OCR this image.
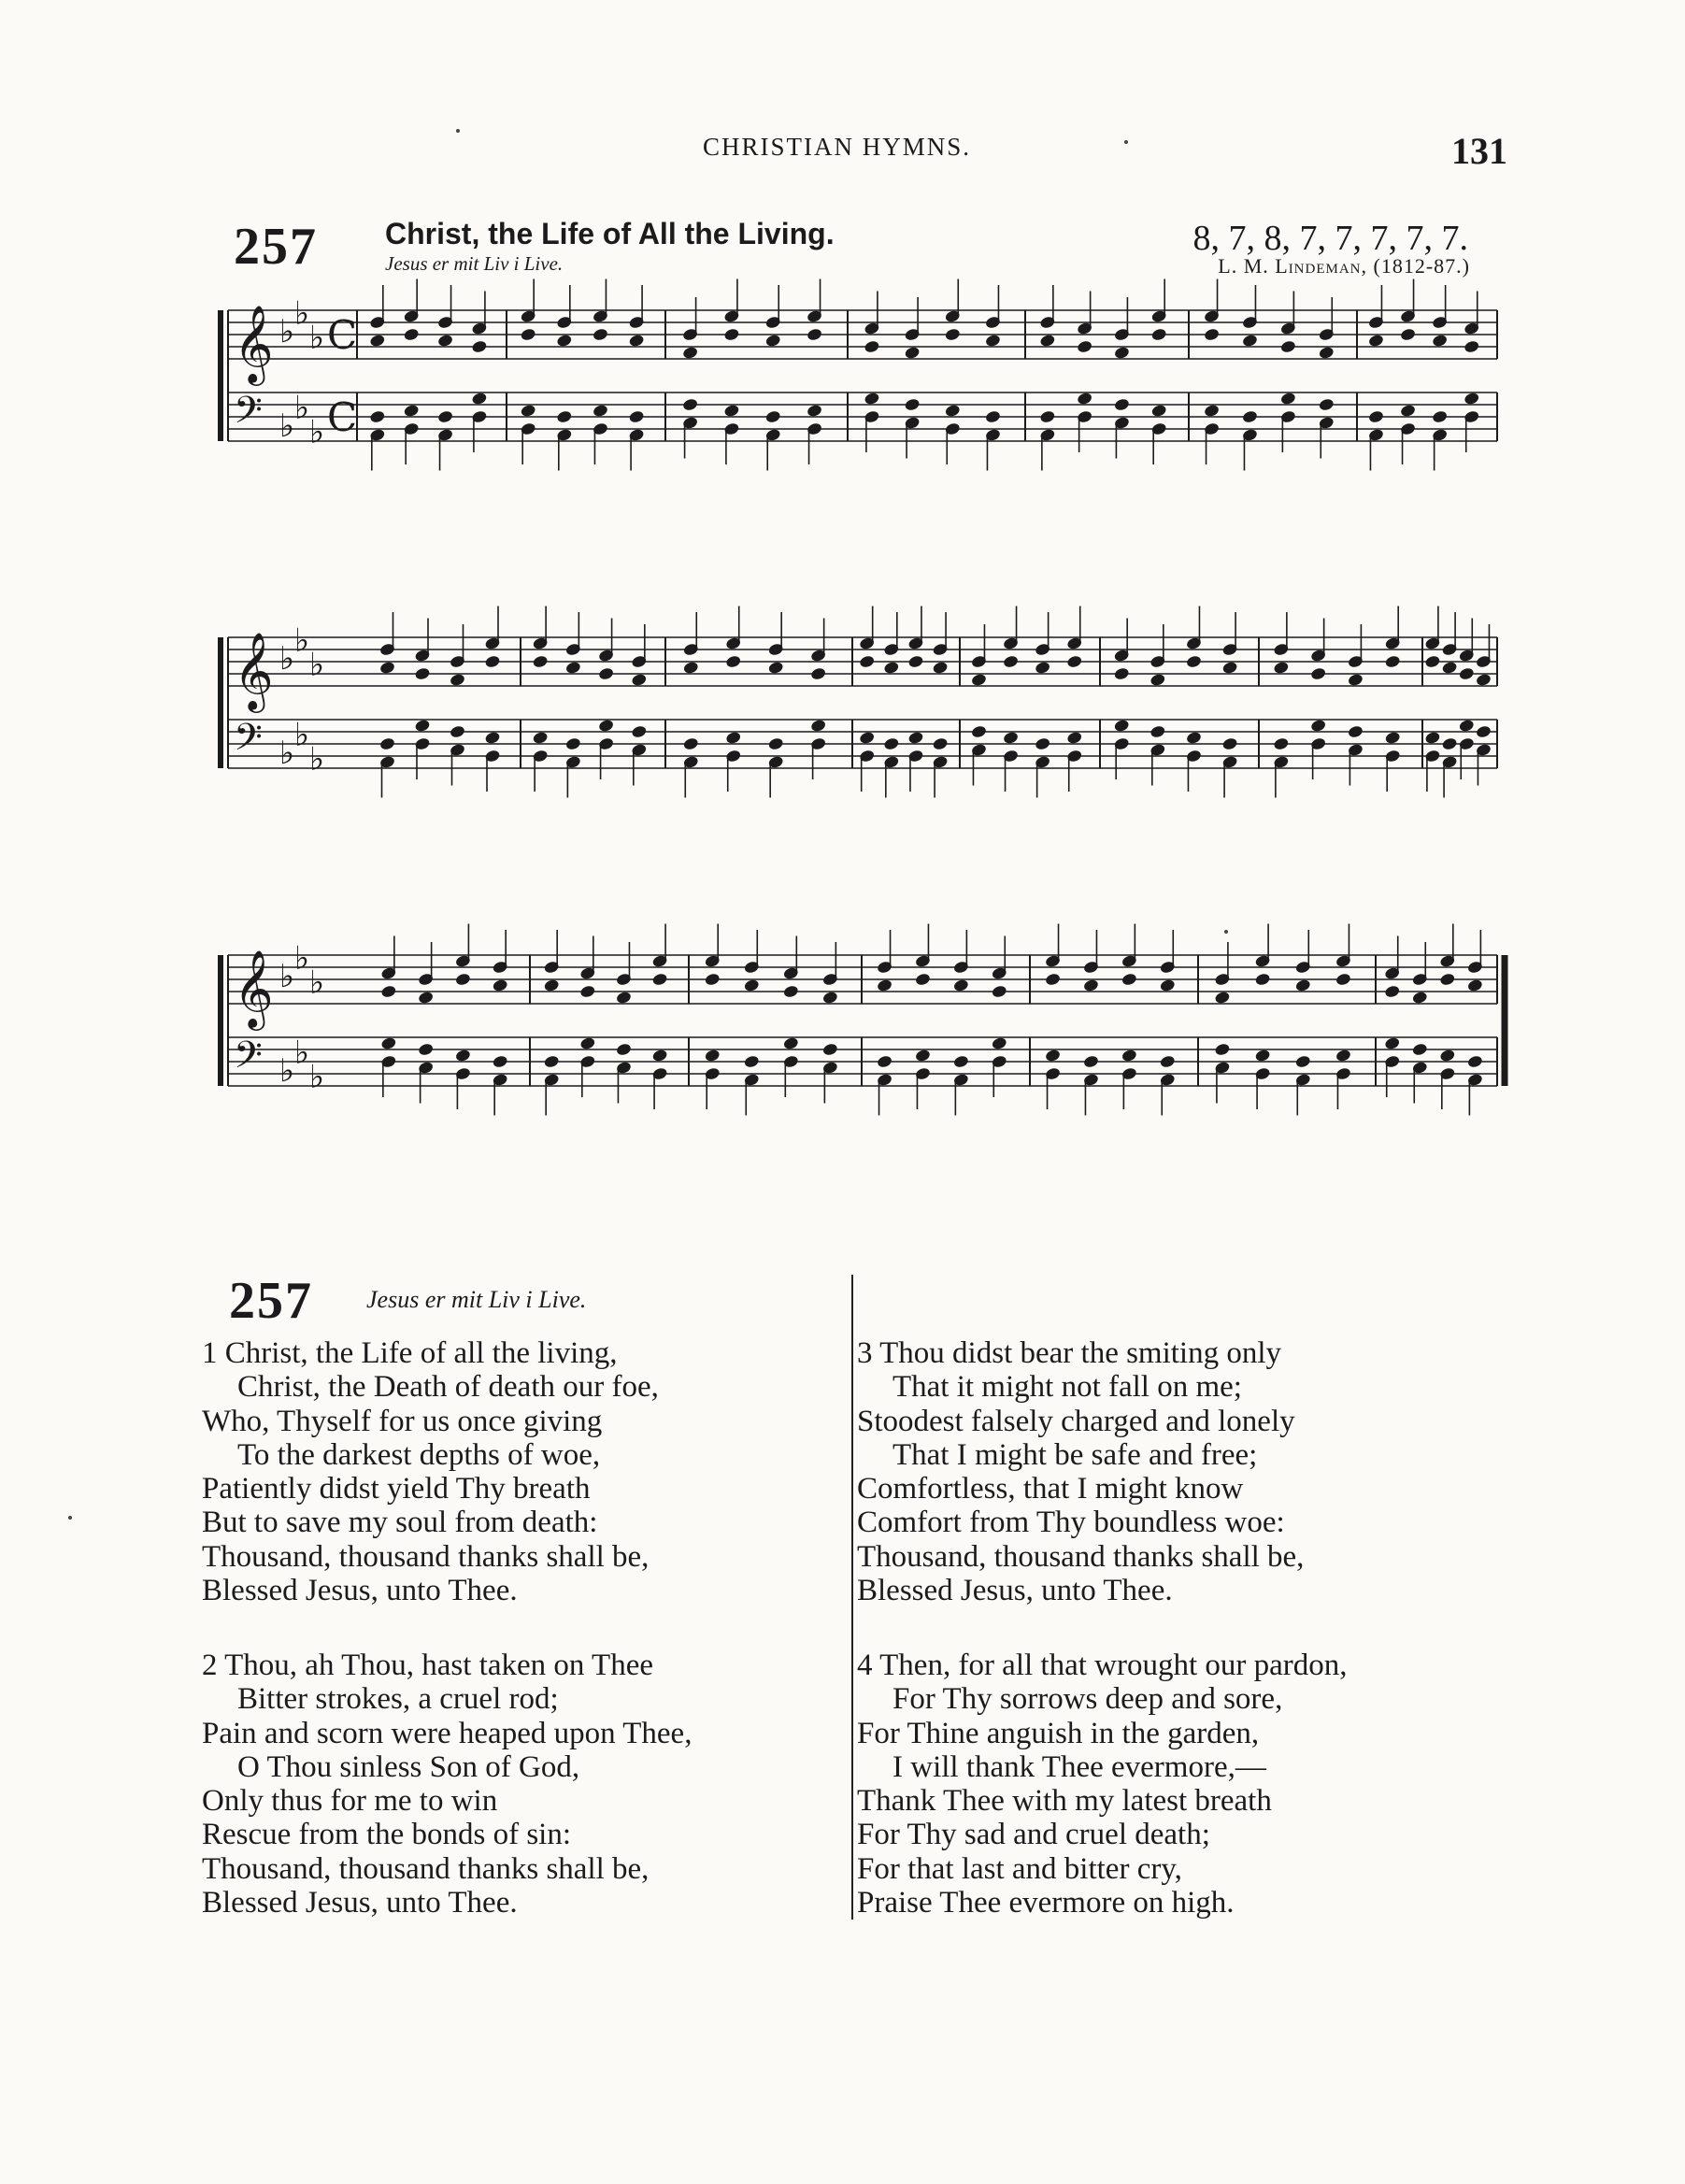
CHRISTIAN HYMNS.	131
257 Christ, the Life of All the Living.
Jesus er mit Liv i Live.
8, 7, 8, 7, 7, 7, 7, 7.
L. M. Lindeman, (1812-87.)
𝄞
𝄢
♭ ♭
♭
♭ ♭
♭
C
C
𝄞
𝄢
♭ ♭
♭
♭ ♭
♭
𝄞
𝄢
♭ ♭
♭
♭ ♭
♭
257 Jesus er mit Liv i Live.
1 Christ, the Life of all the living,
Christ, the Death of death our foe,
Who, Thyself for us once giving
To the darkest depths of woe,
Patiently didst yield Thy breath
But to save my soul from death:
Thousand, thousand thanks shall be,
Blessed Jesus, unto Thee.
2 Thou, ah Thou, hast taken on Thee
Bitter strokes, a cruel rod;
Pain and scorn were heaped upon Thee,
O Thou sinless Son of God,
Only thus for me to win
Rescue from the bonds of sin:
Thousand, thousand thanks shall be,
Blessed Jesus, unto Thee.
3 Thou didst bear the smiting only
That it might not fall on me;
Stoodest falsely charged and lonely
That I might be safe and free;
Comfortless, that I might know
Comfort from Thy boundless woe:
Thousand, thousand thanks shall be,
Blessed Jesus, unto Thee.
4 Then, for all that wrought our pardon,
For Thy sorrows deep and sore,
For Thine anguish in the garden,
I will thank Thee evermore,—
Thank Thee with my latest breath
For Thy sad and cruel death;
For that last and bitter cry,
Praise Thee evermore on high.
